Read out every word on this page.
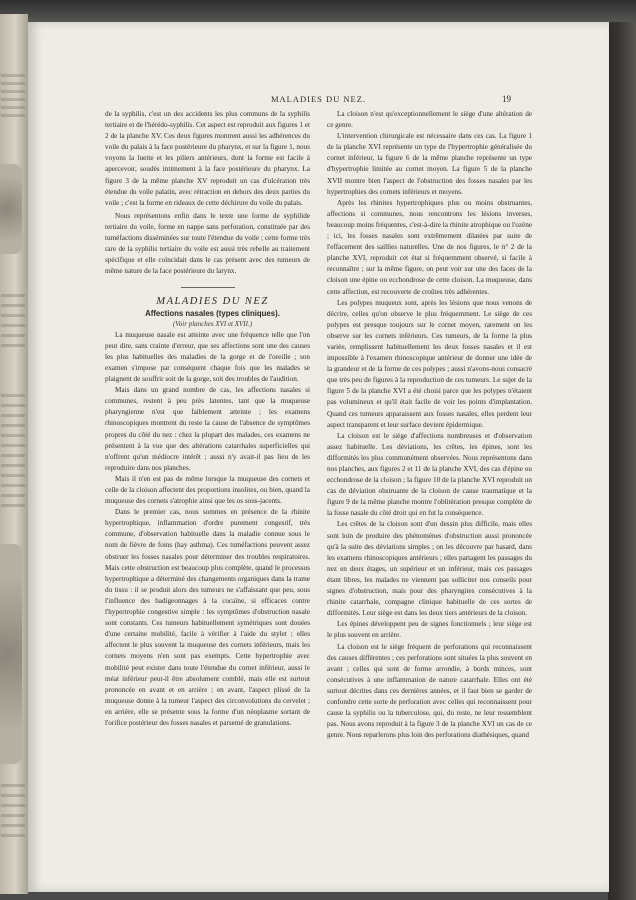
MALADIES DU NEZ.	19

de la syphilis, c'est un des accidents les plus communs de la syphilis tertiaire et de l'hérédo-syphilis. Cet aspect est reproduit aux figures 1 et 2 de la planche XV. Ces deux figures montrent aussi les adhérences du voile du palais à la face postérieure du pharynx, et sur la figure 1, nous voyons la luette et les piliers antérieurs, dont la forme est facile à apercevoir, soudés intimement à la face postérieure du pharynx. La figure 3 de la même planche XV reproduit un cas d'ulcération très étendue du voile palatin, avec rétraction en dehors des deux parties du voile ; c'est la forme en rideaux de cette déchirure du voile du palais.

Nous représentons enfin dans le texte une forme de syphilide tertiaire du voile, forme en nappe sans perforation, constituée par des tuméfactions disséminées sur toute l'étendue du voile ; cette forme très rare de la syphilis tertiaire du voile est aussi très rebelle au traitement spécifique et elle coïncidait dans le cas présent avec des tumeurs de même nature de la face postérieure du larynx.

MALADIES DU NEZ

Affections nasales (types cliniques).

(Voir planches XVI et XVII.)

La muqueuse nasale est atteinte avec une fréquence telle que l'on peut dire, sans crainte d'erreur, que ses affections sont une des causes les plus habituelles des maladies de la gorge et de l'oreille ; son examen s'impose par conséquent chaque fois que les malades se plaignent de souffrir soit de la gorge, soit des troubles de l'audition.

Mais dans un grand nombre de cas, les affections nasales si communes, restent à peu près latentes, tant que la muqueuse pharyngienne n'est que faiblement atteinte ; les examens rhinoscopiques montrent du reste la cause de l'absence de symptômes propres du côté du nez : chez la plupart des malades, ces examens ne présentent à la vue que des altérations catarrhales superficielles qui n'offrent qu'un médiocre intérêt ; aussi n'y avait-il pas lieu de les reproduire dans nos planches.

Mais il n'en est pas de même lorsque la muqueuse des cornets et celle de la cloison affectent des proportions insolites, ou bien, quand la muqueuse des cornets s'atrophie ainsi que les os sous-jacents.

Dans le premier cas, nous sommes en présence de la rhinite hypertrophique, inflammation d'ordre purement congestif, très commune, d'observation habituelle dans la maladie connue sous le nom de fièvre de foins (hay asthma). Ces tuméfactions peuvent assez obstruer les fosses nasales pour déterminer des troubles respiratoires. Mais cette obstruction est beaucoup plus complète, quand le processus hypertrophique a déterminé des changements organiques dans la trame du tissu : il se produit alors des tumeurs ne s'affaissant que peu, sous l'influence des badigeonnages à la cocaïne, si efficaces contre l'hypertrophie congestive simple : les symptômes d'obstruction nasale sont constants. Ces tumeurs habituellement symétriques sont douées d'une certaine mobilité, facile à vérifier à l'aide du stylet ; elles affectent le plus souvent la muqueuse des cornets inférieurs, mais les cornets moyens n'en sont pas exempts. Cette hypertrophie avec mobilité peut exister dans toute l'étendue du cornet inférieur, aussi le méat inférieur peut-il être absolument comblé, mais elle est surtout prononcée en avant et en arrière ; en avant, l'aspect plissé de la muqueuse donne à la tumeur l'aspect des circonvolutions du cervelet ; en arrière, elle se présente sous la forme d'un néoplasme sortant de l'orifice postérieur des fosses nasales et parsemé de granulations.

La cloison n'est qu'exceptionnellement le siège d'une altération de ce genre.

L'intervention chirurgicale est nécessaire dans ces cas. La figure 1 de la planche XVI représente un type de l'hypertrophie généralisée du cornet inférieur, la figure 6 de la même planche représente un type d'hypertrophie limitée au cornet moyen. La figure 5 de la planche XVII montre bien l'aspect de l'obstruction des fosses nasales par les hypertrophies des cornets inférieurs et moyens.

Après les rhinites hypertrophiques plus ou moins obstruantes, affections si communes, nous rencontrons les lésions inverses, beaucoup moins fréquentes, c'est-à-dire la rhinite atrophique ou l'ozène ; ici, les fosses nasales sont extrêmement dilatées par suite de l'effacement des saillies naturelles. Une de nos figures, le n° 2 de la planche XVI, reproduit cet état si fréquemment observé, si facile à reconnaître ; sur la même figure, on peut voir sur une des faces de la cloison une épine ou ecchondrose de cette cloison. La muqueuse, dans cette affection, est recouverte de croûtes très adhérentes.

Les polypes muqueux sont, après les lésions que nous venons de décrire, celles qu'on observe le plus fréquemment. Le siège de ces polypes est presque toujours sur le cornet moyen, rarement on les observe sur les cornets inférieurs. Ces tumeurs, de la forme la plus variée, remplissent habituellement les deux fosses nasales et il est impossible à l'examen rhinoscopique antérieur de donner une idée de la grandeur et de la forme de ces polypes ; aussi n'avons-nous consacré que très peu de figures à la reproduction de ces tumeurs. Le sujet de la figure 5 de la planche XVI a été choisi parce que les polypes n'étaient pas volumineux et qu'il était facile de voir les points d'implantation. Quand ces tumeurs apparaissent aux fosses nasales, elles perdent leur aspect transparent et leur surface devient épidermique.

La cloison est le siège d'affections nombreuses et d'observation assez habituelle. Les déviations, les crêtes, les épines, sont les difformités les plus communément observées. Nous représentons dans nos planches, aux figures 2 et 11 de la planche XVI, des cas d'épine ou ecchondrose de la cloison ; la figure 10 de la planche XVI reproduit un cas de déviation obstruante de la cloison de cause traumatique et la figure 9 de la même planche montre l'oblitération presque complète de la fosse nasale du côté droit qui en fut la conséquence.

Les crêtes de la cloison sont d'un dessin plus difficile, mais elles sont loin de produire des phénomènes d'obstruction aussi prononcée qu'à la suite des déviations simples ; on les découvre par hasard, dans les examens rhinoscopiques antérieurs ; elles partagent les passages du nez en deux étages, un supérieur et un inférieur, mais ces passages étant libres, les malades ne viennent pas solliciter nos conseils pour signes d'obstruction, mais pour des pharyngites consécutives à la rhinite catarrhale, compagne clinique habituelle de ces sortes de difformités. Leur siège est dans les deux tiers antérieurs de la cloison.

Les épines développent peu de signes fonctionnels ; leur siège est le plus souvent en arrière.

La cloison est le siège fréquent de perforations qui reconnaissent des causes différentes ; ces perforations sont situées la plus souvent en avant ; celles qui sont de forme arrondie, à bords minces, sont consécutives à une inflammation de nature catarrhale. Elles ont été surtout décrites dans ces dernières années, et il faut bien se garder de confondre cette sorte de perforation avec celles qui reconnaissent pour cause la syphilis ou la tuberculose, qui, du reste, ne leur ressemblent pas. Nous avons reproduit à la figure 3 de la planche XVI un cas de ce genre. Nous reparlerons plus loin des perforations diathésiques, quand
